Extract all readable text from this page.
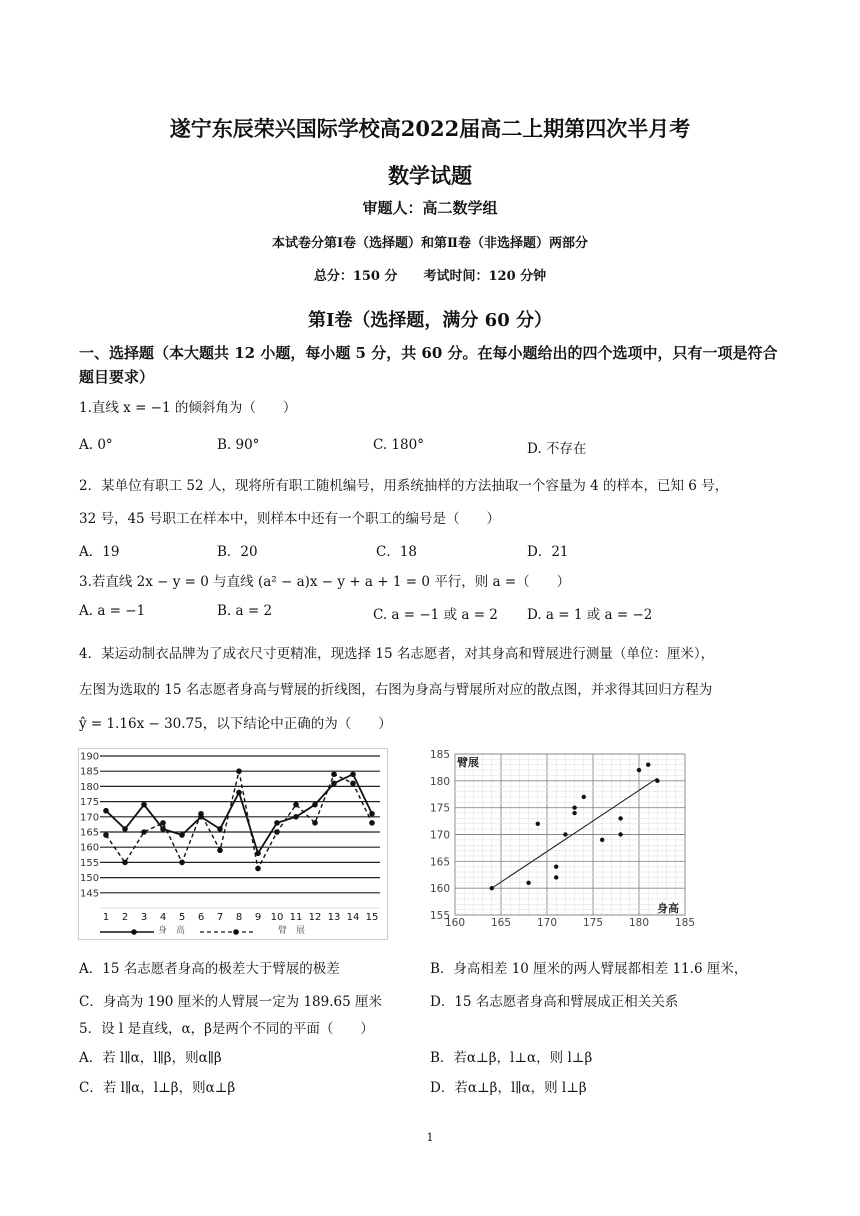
遂宁东辰荣兴国际学校高2022届高二上期第四次半月考
数学试题
审题人：高二数学组
本试卷分第Ⅰ卷（选择题）和第Ⅱ卷（非选择题）两部分
总分：150 分　　考试时间：120 分钟
第Ⅰ卷（选择题，满分 60 分）
一、选择题（本大题共 12 小题，每小题 5 分，共 60 分。在每小题给出的四个选项中，只有一项是符合题目要求）
1.直线 x = −1 的倾斜角为（　　）
A. 0°	B. 90°	C. 180°	D. 不存在
2．某单位有职工 52 人，现将所有职工随机编号，用系统抽样的方法抽取一个容量为 4 的样本，已知 6 号，
32 号，45 号职工在样本中，则样本中还有一个职工的编号是（　　）
A．19	B．20	C．18	D．21
3.若直线 2x − y = 0 与直线 (a² − a)x − y + a + 1 = 0 平行，则 a =（　　）
A. a = −1	B. a = 2	C. a = −1 或 a = 2 D. a = 1 或 a = −2
4．某运动制衣品牌为了成衣尺寸更精准，现选择 15 名志愿者，对其身高和臂展进行测量（单位：厘米），
左图为选取的 15 名志愿者身高与臂展的折线图，右图为身高与臂展所对应的散点图，并求得其回归方程为
ŷ = 1.16x − 30.75，以下结论中正确的为（　　）
145
150
155
160
165
170
175
180
185
190
1 2 3 4 5 6 7 8 9 10 11 12 13 14 15
身　高	臂　展
155
160
165
170
175
180
185
160 165 170 175 180 185
臂展
身高
A．15 名志愿者身高的极差大于臂展的极差	B．身高相差 10 厘米的两人臂展都相差 11.6 厘米，
C．身高为 190 厘米的人臂展一定为 189.65 厘米	D．15 名志愿者身高和臂展成正相关关系
5．设 l 是直线，α，β是两个不同的平面（　　）
A．若 l∥α，l∥β，则α∥β	B．若α⊥β，l⊥α，则 l⊥β
C．若 l∥α，l⊥β，则α⊥β	D．若α⊥β，l∥α，则 l⊥β
1
